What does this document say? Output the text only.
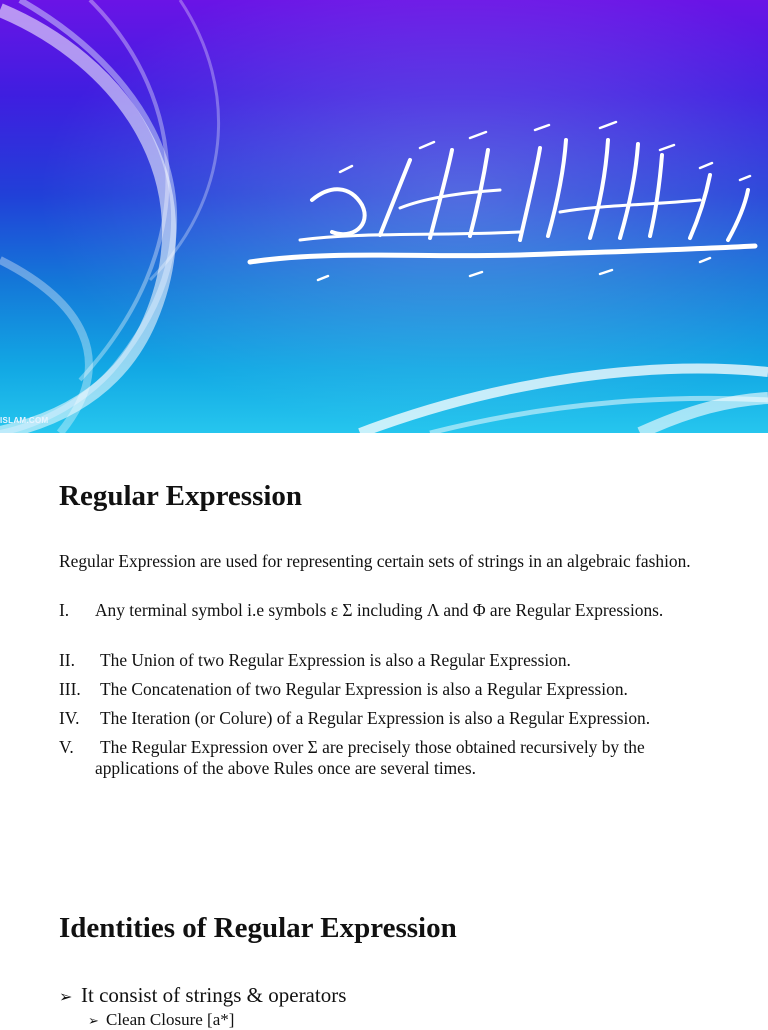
ISLAM.COM
Regular Expression
Regular Expression are used for representing certain sets of strings in an algebraic fashion.
I. Any terminal symbol i.e symbols ε Σ including Λ and Φ are Regular Expressions.
II. The Union of two Regular Expression is also a Regular Expression.
III. The Concatenation of two Regular Expression is also a Regular Expression.
IV. The Iteration (or Colure) of a Regular Expression is also a Regular Expression.
V. The Regular Expression over Σ are precisely those obtained recursively by the applications of the above Rules once are several times.
Identities of Regular Expression
➢ It consist of strings & operators
➢ Clean Closure [a*]
